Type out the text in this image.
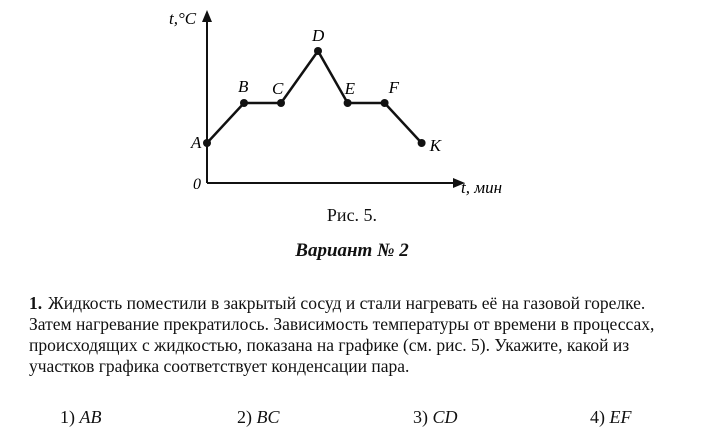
t,°C
t, мин
0
A
B C
D
E F
K
Рис. 5.
Вариант № 2
1. Жидкость поместили в закрытый сосуд и стали нагревать её на газовой горелке. Затем нагревание прекратилось. Зависимость температуры от времени в процессах, происходящих с жидкостью, показана на графике (см. рис. 5). Укажите, какой из участков графика соответствует конденсации пара.
1) AB	2) BC	3) CD	4) EF
